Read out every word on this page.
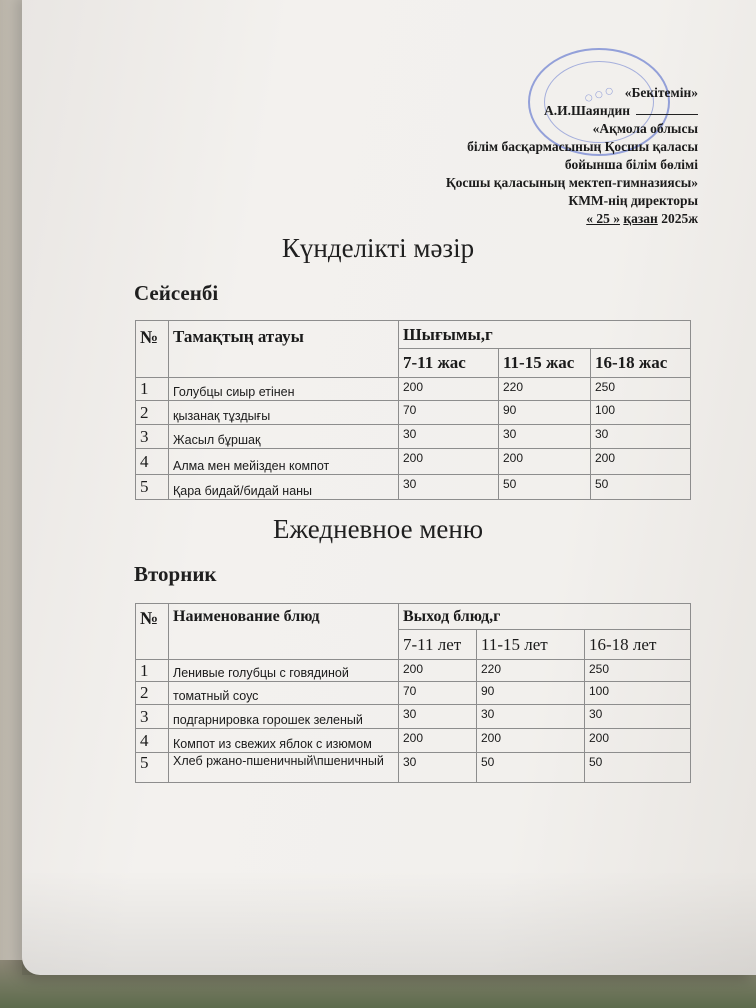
○ ○ ○ «Бекітемін»
А.И.Шаяндин
«Ақмола облысы
білім басқармасының Қосшы қаласы
бойынша білім бөлімі
Қосшы қаласының мектеп-гимназиясы»
КММ-нің директоры
« 25 » қазан 2025ж
Күнделікті мәзір
Сейсенбі
№	Тамақтың атауы	Шығымы,г		
		7-11 жас	11-15 жас	16-18 жас
1	Голубцы сиыр етінен	200	220	250
2	қызанақ тұздығы	70	90	100
3	Жасыл бұршақ	30	30	30
4	Алма мен мейізден компот	200	200	200
5	Қара бидай/бидай наны	30	50	50
Ежедневное меню
Вторник
№	Наименование блюд	Выход блюд,г		
		7-11 лет	11-15 лет	16-18 лет
1	Ленивые голубцы с говядиной	200	220	250
2	томатный соус	70	90	100
3	подгарнировка горошек зеленый	30	30	30
4	Компот из свежих яблок с изюмом	200	200	200
5	Хлеб ржано-пшеничный\пшеничный	30	50	50
